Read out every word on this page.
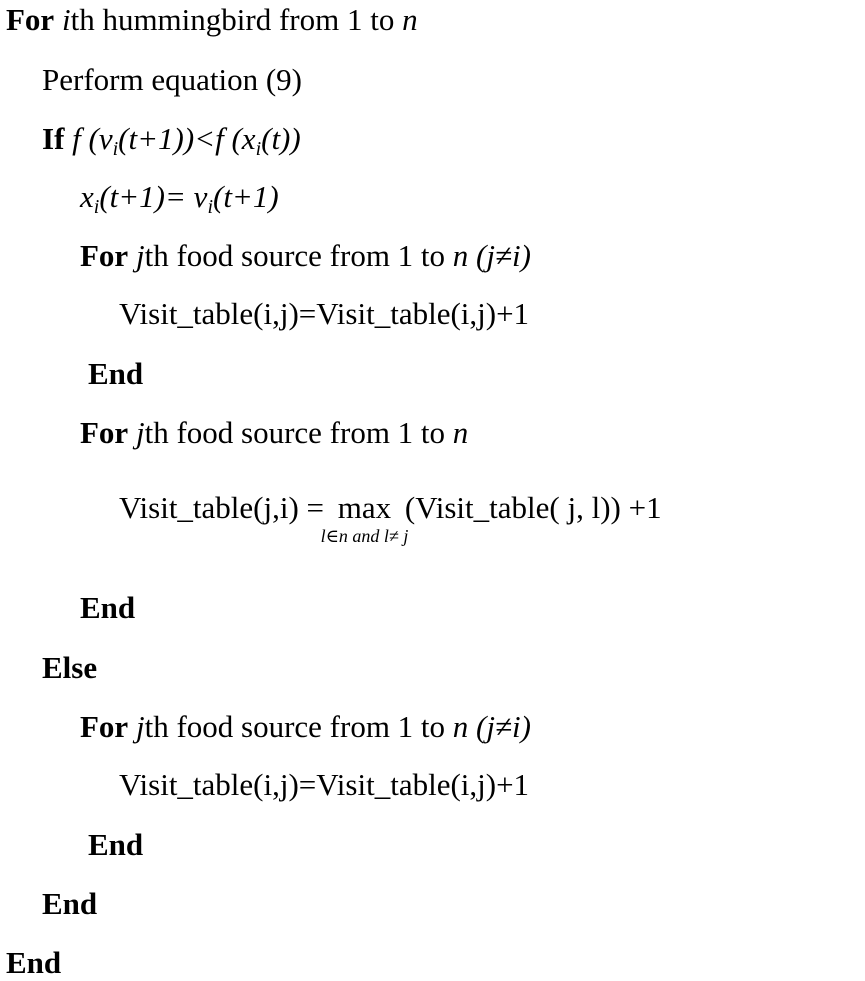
For ith hummingbird from 1 to n
Perform equation (9)
If f $(v_i(t+1))<f$ $(x_i(t))$
$x_i(t+1)= v_i(t+1)$
For jth food source from 1 to n (j≠i)
Visit_table(i,j)=Visit_table(i,j)+1
End
For jth food source from 1 to n
Visit_table(j,i) = max
l∈n and l≠ j
(Visit_table( j, l)) +1
End
Else
For jth food source from 1 to n (j≠i)
Visit_table(i,j)=Visit_table(i,j)+1
End
End
End
